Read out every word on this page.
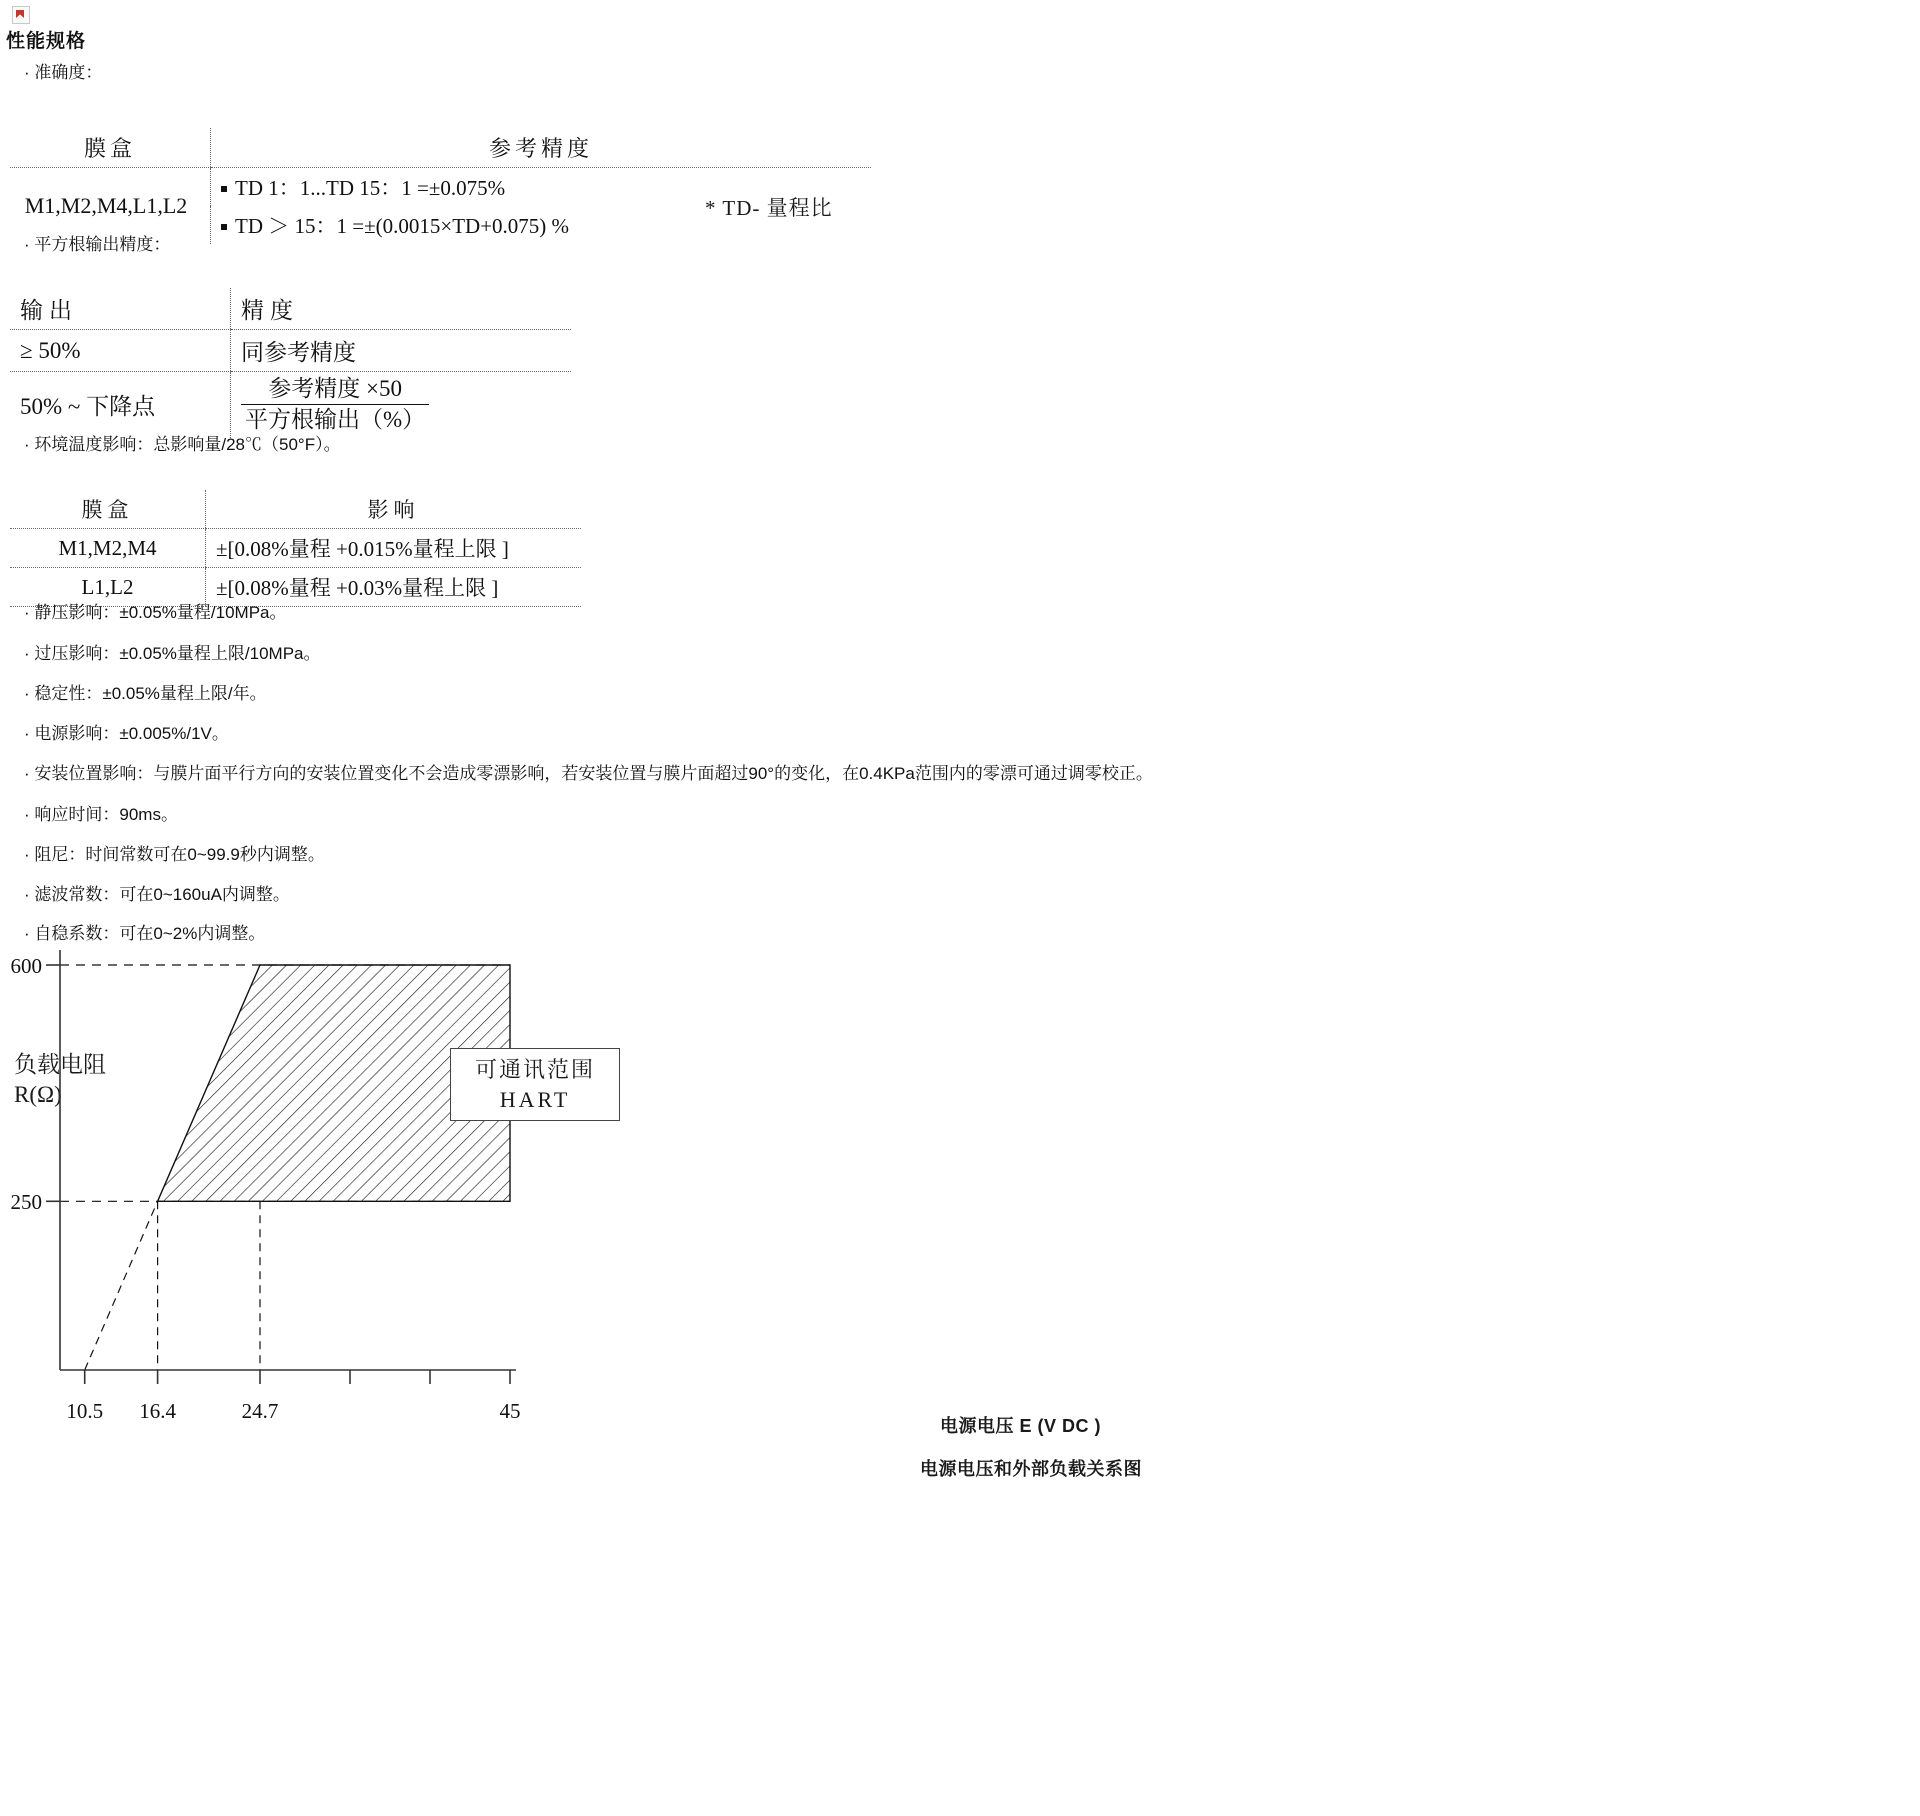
性能规格
· 准确度：
膜盒	参考精度
M1,M2,M4,L1,L2	TD 1：1...TD 15：1 =±0.075%
	TD ＞ 15：1 =±(0.0015×TD+0.075) %
* TD- 量程比
· 平方根输出精度：
输出	精度
≥ 50%	同参考精度
50% ~ 下降点	$\frac{\text{参考精度 ×50}}{\text{平方根输出（\%）}}$
· 环境温度影响：总影响量/28℃（50°F）。
膜盒	影响
M1,M2,M4	±[0.08%量程 +0.015%量程上限 ]
L1,L2	±[0.08%量程 +0.03%量程上限 ]
· 静压影响：±0.05%量程/10MPa。
· 过压影响：±0.05%量程上限/10MPa。
· 稳定性：±0.05%量程上限/年。
· 电源影响：±0.005%/1V。
· 安装位置影响：与膜片面平行方向的安装位置变化不会造成零漂影响，若安装位置与膜片面超过90°的变化，在0.4KPa范围内的零漂可通过调零校正。
· 响应时间：90ms。
· 阻尼：时间常数可在0~99.9秒内调整。
· 滤波常数：可在0~160uA内调整。
· 自稳系数：可在0~2%内调整。
负载电阻
R(Ω)
600
250
10.5 16.4	24.7	45
可通讯范围
HART
电源电压 E (V DC )
电源电压和外部负载关系图
